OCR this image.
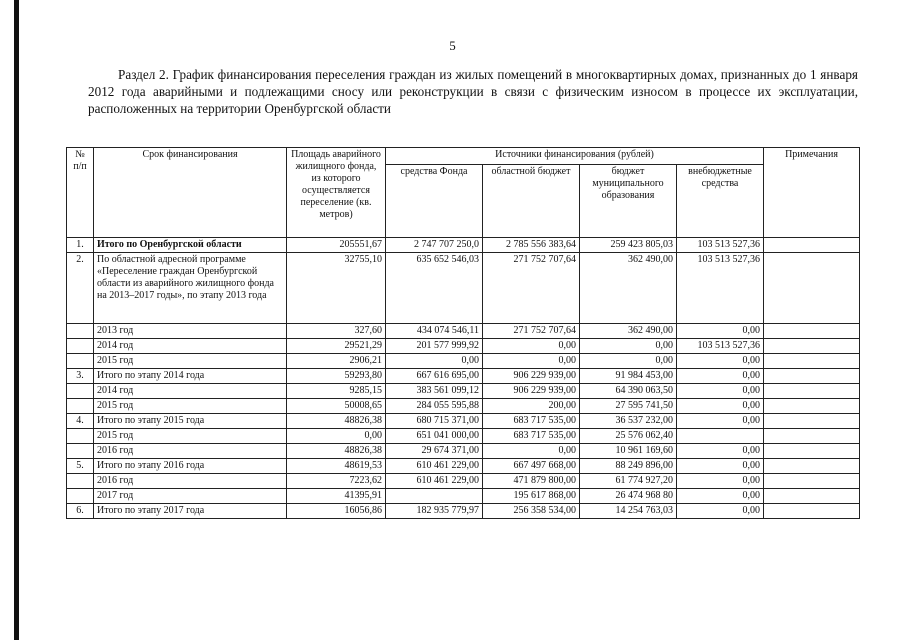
5
Раздел 2. График финансирования переселения граждан из жилых помещений в многоквартирных домах, признанных до 1 января 2012 года аварийными и подлежащими сносу или реконструкции в связи с физическим износом в процессе их эксплуатации, расположенных на территории Оренбургской области
№ п/п	Срок финансирования	Площадь аварийного жилищного фонда, из которого осуществляется переселение (кв. метров)	Источники финансирования (рублей)				Примечания
			средства Фонда	областной бюджет	бюджет муниципального образования	внебюджетные средства	
1.	Итого по Оренбургской области	205551,67	2 747 707 250,0	2 785 556 383,64	259 423 805,03	103 513 527,36	
2.	По областной адресной программе «Переселение граждан Оренбургской области из аварийного жилищного фонда на 2013–2017 годы», по этапу 2013 года	32755,10	635 652 546,03	271 752 707,64	362 490,00	103 513 527,36	
	2013 год	327,60	434 074 546,11	271 752 707,64	362 490,00	0,00	
	2014 год	29521,29	201 577 999,92	0,00	0,00	103 513 527,36	
	2015 год	2906,21	0,00	0,00	0,00	0,00	
3.	Итого по этапу 2014 года	59293,80	667 616 695,00	906 229 939,00	91 984 453,00	0,00	
	2014 год	9285,15	383 561 099,12	906 229 939,00	64 390 063,50	0,00	
	2015 год	50008,65	284 055 595,88	200,00	27 595 741,50	0,00	
4.	Итого по этапу 2015 года	48826,38	680 715 371,00	683 717 535,00	36 537 232,00	0,00	
	2015 год	0,00	651 041 000,00	683 717 535,00	25 576 062,40		
	2016 год	48826,38	29 674 371,00	0,00	10 961 169,60	0,00	
5.	Итого по этапу 2016 года	48619,53	610 461 229,00	667 497 668,00	88 249 896,00	0,00	
	2016 год	7223,62	610 461 229,00	471 879 800,00	61 774 927,20	0,00	
	2017 год	41395,91		195 617 868,00	26 474 968 80	0,00	
6.	Итого по этапу 2017 года	16056,86	182 935 779,97	256 358 534,00	14 254 763,03	0,00	
